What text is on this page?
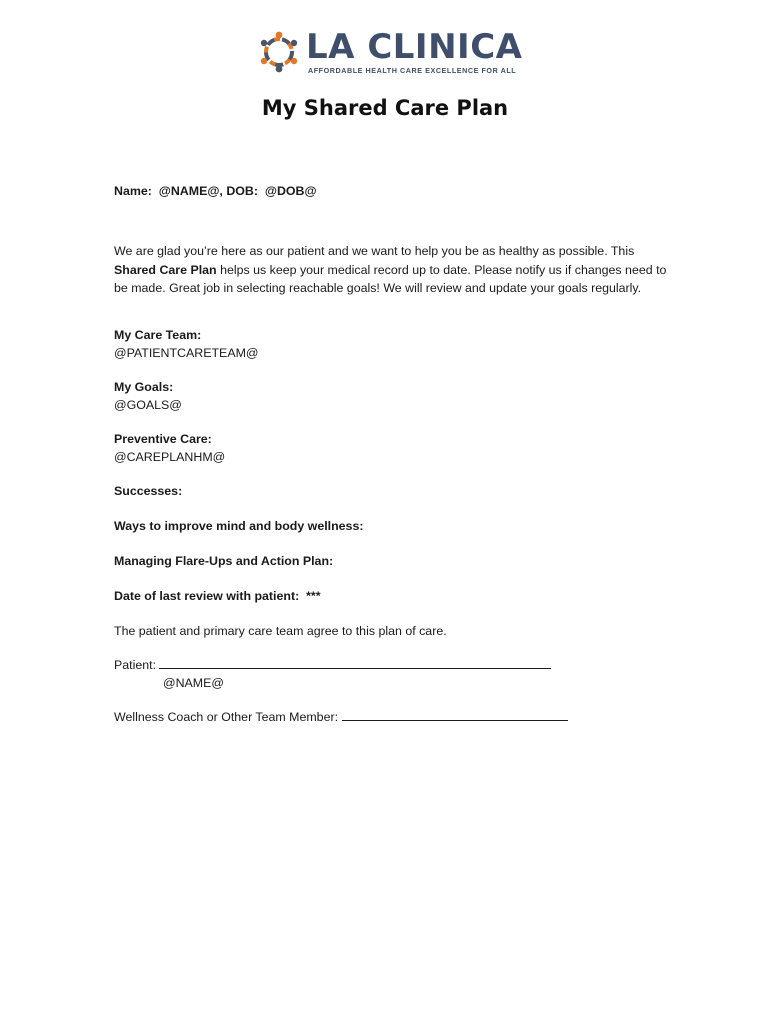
LA CLINICA
AFFORDABLE HEALTH CARE EXCELLENCE FOR ALL
My Shared Care Plan
Name: @NAME@, DOB: @DOB@
We are glad you’re here as our patient and we want to help you be as healthy as possible. This Shared Care Plan helps us keep your medical record up to date. Please notify us if changes need to be made. Great job in selecting reachable goals! We will review and update your goals regularly.
My Care Team:
@PATIENTCARETEAM@
My Goals:
@GOALS@
Preventive Care:
@CAREPLANHM@
Successes:
Ways to improve mind and body wellness:
Managing Flare-Ups and Action Plan:
Date of last review with patient: ***
The patient and primary care team agree to this plan of care.
Patient:
@NAME@
Wellness Coach or Other Team Member:
